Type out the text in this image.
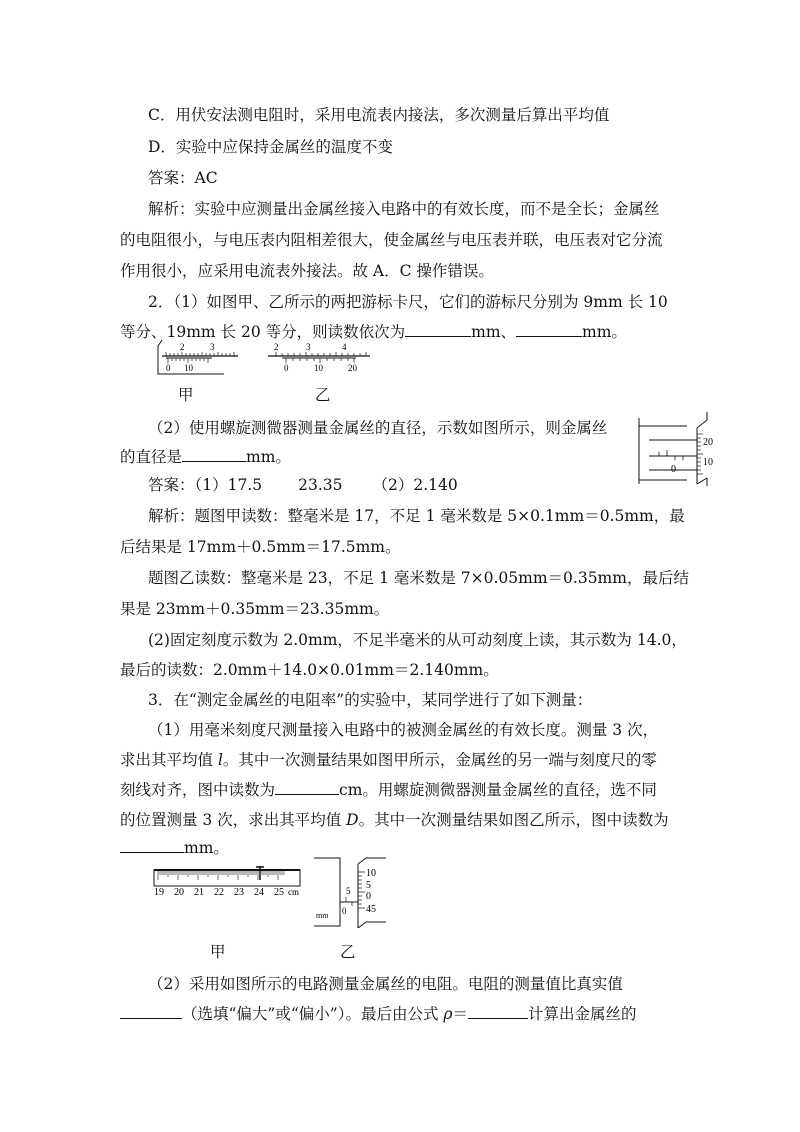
C．用伏安法测电阻时，采用电流表内接法，多次测量后算出平均值
D．实验中应保持金属丝的温度不变
答案：AC
解析：实验中应测量出金属丝接入电路中的有效长度，而不是全长；金属丝
的电阻很小，与电压表内阻相差很大，使金属丝与电压表并联，电压表对它分流
作用很小，应采用电流表外接法。故 A．C 操作错误。
2．（1）如图甲、乙所示的两把游标卡尺，它们的游标尺分别为 9mm 长 10
等分、19mm 长 20 等分，则读数依次为	mm、	mm。
2	3
0 10
2	3	4
0	10	20
甲	乙
（2）使用螺旋测微器测量金属丝的直径，示数如图所示，则金属丝
的直径是	mm。
20
10
0
答案：（1）17.5 23.35 （2）2.140
解析：题图甲读数：整毫米是 17，不足 1 毫米数是 5×0.1mm＝0.5mm，最
后结果是 17mm＋0.5mm＝17.5mm。
题图乙读数：整毫米是 23，不足 1 毫米数是 7×0.05mm＝0.35mm，最后结
果是 23mm＋0.35mm＝23.35mm。
(2)固定刻度示数为 2.0mm，不足半毫米的从可动刻度上读，其示数为 14.0，
最后的读数：2.0mm＋14.0×0.01mm＝2.140mm。
3．在“测定金属丝的电阻率”的实验中，某同学进行了如下测量：
（1）用毫米刻度尺测量接入电路中的被测金属丝的有效长度。测量 3 次，
求出其平均值 l。其中一次测量结果如图甲所示，金属丝的另一端与刻度尺的零
刻线对齐，图中读数为	cm。用螺旋测微器测量金属丝的直径，选不同
的位置测量 3 次，求出其平均值 D。其中一次测量结果如图乙所示，图中读数为
mm。
19 20 21 22 23 24 25 cm
10
5
0
45
5
0
mm
甲	乙
（2）采用如图所示的电路测量金属丝的电阻。电阻的测量值比真实值
（选填“偏大”或“偏小”）。最后由公式 ρ＝	计算出金属丝的
